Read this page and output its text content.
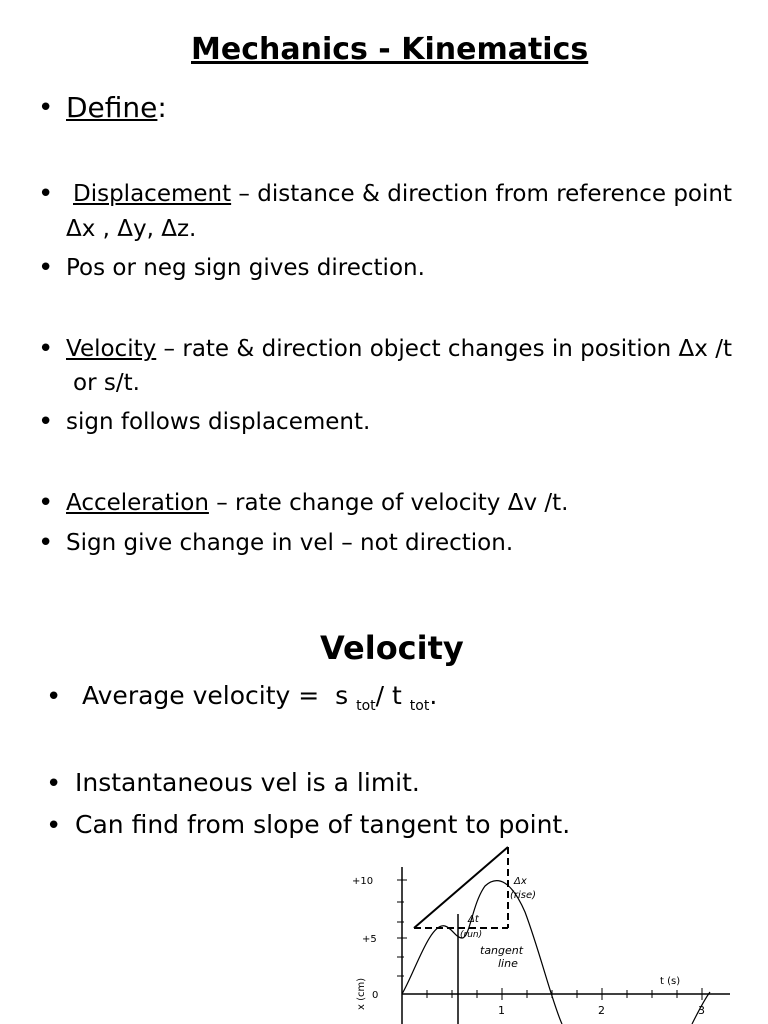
Mechanics - Kinematics
• Define:
• Displacement – distance & direction from reference point
Δx , Δy, Δz.
• Pos or neg sign gives direction.
• Velocity – rate & direction object changes in position Δx /t
or s/t.
• sign follows displacement.
• Acceleration – rate change of velocity Δv /t.
• Sign give change in vel – not direction.
Velocity
• Average velocity = s $_{tot}$/ t $_{tot}$.
• Instantaneous vel is a limit.
• Can find from slope of tangent to point.
+10
+5
0
x (cm)
1	2	3
t (s)
Δx
(rise)
Δt
(run)
tangent
line
